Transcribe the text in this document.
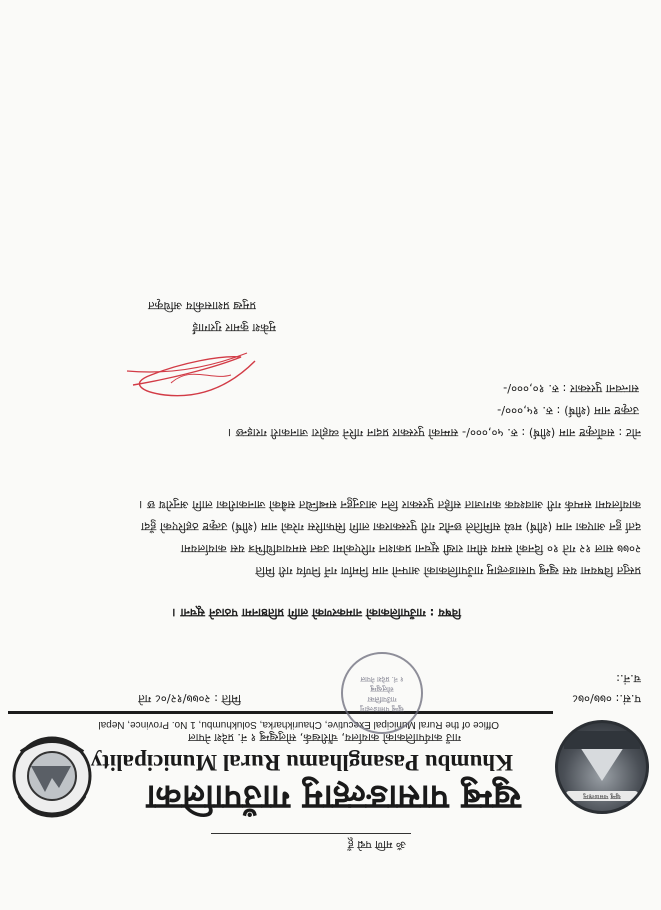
ॐ मणि पद्मे हूँ
खुम्बु पासाङल्हामु
खुम्बु पासाङल्हामु गाउँपालिका
Khumbu Pasanglhamu Rural Municipality
गाउँ कार्यपालिकाको कार्यालय, चौंरीखर्क, सोलुखुम्बु १ नं. प्रदेश नेपाल
Office of the Rural Municipal Executive, Chaurikharka, Solukhumbu, 1 No. Province, Nepal
प.सं.: ०७७/०७८
च.नं.:
मिति : २०७७/१२/०८ गते
खुम्बु पासाङल्हामु
गाउँपालिका
सोलुखुम्बु
१ नं. प्रदेश नेपाल
विषय : गाउँपालिकाको नामकरणको लागि प्रतिष्ठानमा पठाउने सूचना ।
प्रस्तुत विषयमा यस खुम्बु पासाङल्हामु गाउँपालिकाको आफ्नो नाम निर्माण गर्ने निर्णय गरी मिति
२०७७ साल १२ गते १० दिनको समय सीमा राखी सूचना प्रकाशन गरिएकोमा उक्त समयावधिभित्र यस कार्यालयमा
दर्ता हुन आएका नाम (शीर्ष) मध्ये समितिले छनौट गरी पुरस्कारका लागि सिफारिस गरेको नाम (शीर्ष) उत्कृष्ट ठहरिएको हुँदा
कार्यालयमा सम्पर्क गरी आवश्यक कागजात सहित पुरस्कार लिन आउनुहुन सम्बन्धित सबैको जानकारीका लागि अनुरोध छ ।
नोट : सर्वोत्कृष्ट नाम (शीर्ष) : रु. ५०,०००/- सम्मको पुरस्कार प्रदान गरिने व्यहोरा जानकारी गराइन्छ ।
उत्कृष्ट नाम (शीर्ष) : रु. १५,०००/-
सान्त्वना पुरस्कार : रु. १०,०००/-
मुकेश कुमार गुरागाईं
प्रमुख प्रशासकीय अधिकृत
